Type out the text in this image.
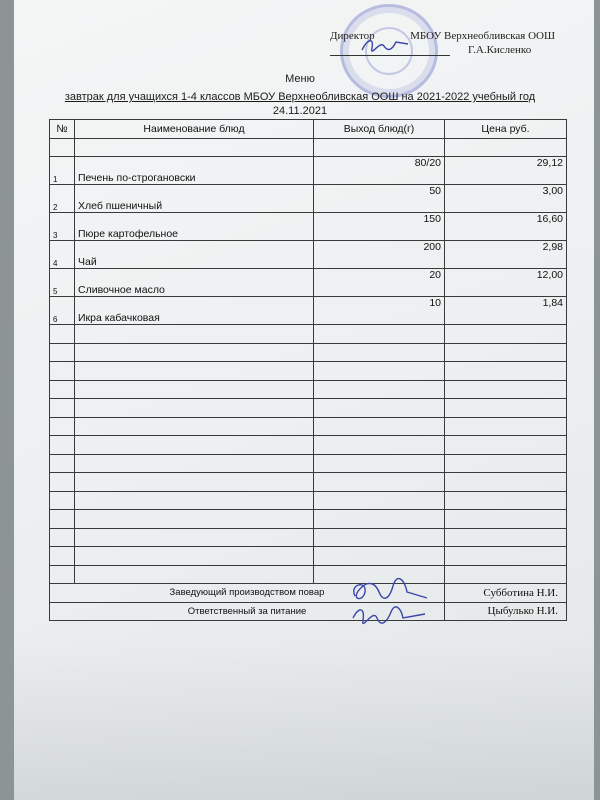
Директор	МБОУ Верхнеобливская ООШ
Г.А.Кисленко
Меню
завтрак для учащихся 1-4 классов МБОУ Верхнеобливская ООШ на 2021-2022 учебный год
24.11.2021
№	Наименование блюд	Выход блюд(г)	Цена руб.

1	Печень по-строгановски	80/20	29,12
2	Хлеб пшеничный	50	3,00
3	Пюре картофельное	150	16,60
4	Чай	200	2,98
5	Сливочное масло	20	12,00
6	Икра кабачковая	10	1,84

Заведующий производством повар			Субботина Н.И.
Ответственный за питание			Цыбулько Н.И.
